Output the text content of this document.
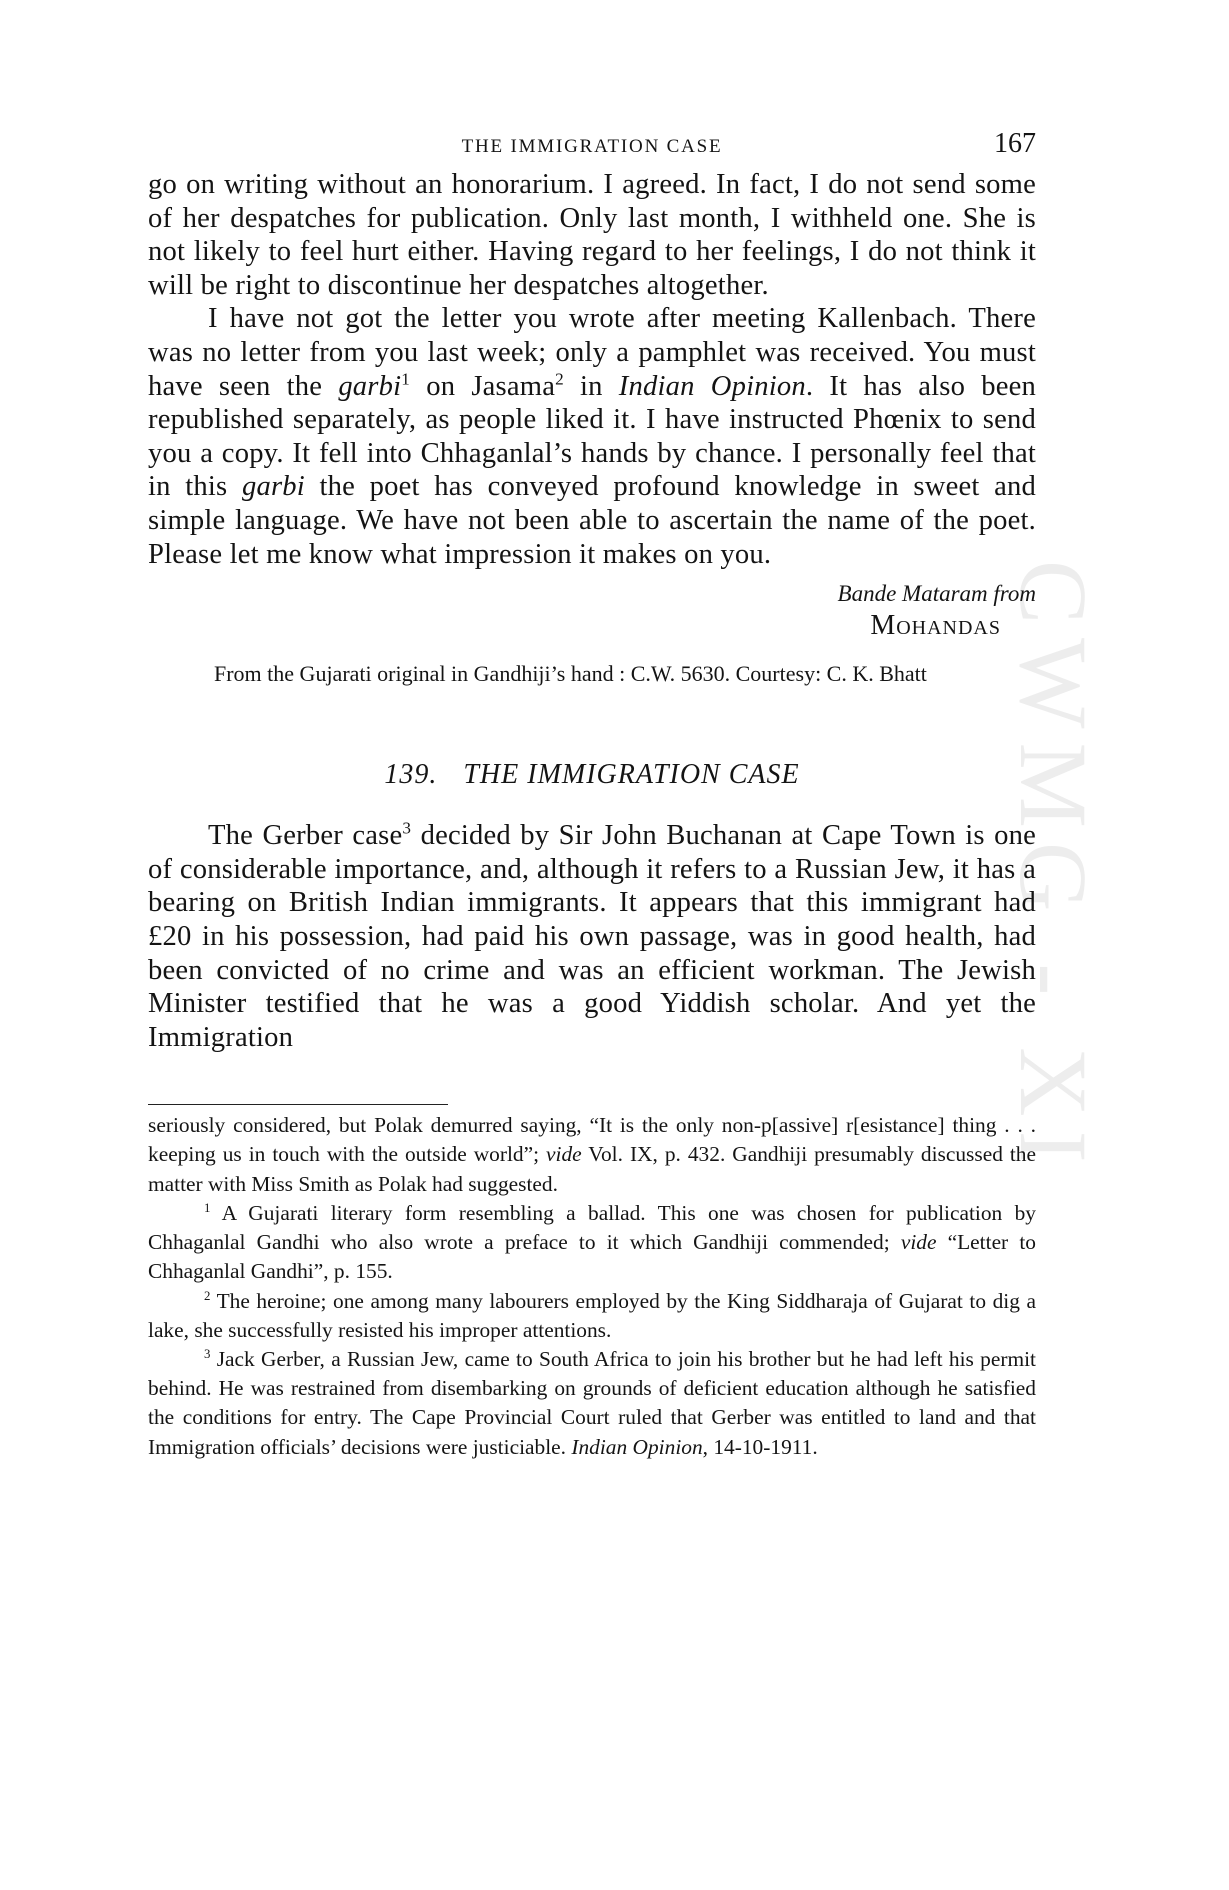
CWMG - XI
THE IMMIGRATION CASE	167

go on writing without an honorarium. I agreed. In fact, I do not send some of her despatches for publication. Only last month, I withheld one. She is not likely to feel hurt either. Having regard to her feelings, I do not think it will be right to discontinue her despatches altogether.

I have not got the letter you wrote after meeting Kallenbach. There was no letter from you last week; only a pamphlet was received. You must have seen the garbi$^1$ on Jasama$^2$ in Indian Opinion. It has also been republished separately, as people liked it. I have instructed Phœnix to send you a copy. It fell into Chhaganlal’s hands by chance. I personally feel that in this garbi the poet has conveyed profound knowledge in sweet and simple language. We have not been able to ascertain the name of the poet. Please let me know what impression it makes on you.

Bande Mataram from
Mohandas
From the Gujarati original in Gandhiji’s hand : C.W. 5630. Courtesy: C. K. Bhatt
139. THE IMMIGRATION CASE

The Gerber case$^3$ decided by Sir John Buchanan at Cape Town is one of considerable importance, and, although it refers to a Russian Jew, it has a bearing on British Indian immigrants. It appears that this immigrant had £20 in his possession, had paid his own passage, was in good health, had been convicted of no crime and was an efficient workman. The Jewish Minister testified that he was a good Yiddish scholar. And yet the Immigration

seriously considered, but Polak demurred saying, “It is the only non-p[assive] r[esistance] thing . . . keeping us in touch with the outside world”; vide Vol. IX, p. 432. Gandhiji presumably discussed the matter with Miss Smith as Polak had suggested.

$^1$ A Gujarati literary form resembling a ballad. This one was chosen for publication by Chhaganlal Gandhi who also wrote a preface to it which Gandhiji commended; vide “Letter to Chhaganlal Gandhi”, p. 155.

$^2$ The heroine; one among many labourers employed by the King Siddharaja of Gujarat to dig a lake, she successfully resisted his improper attentions.

$^3$ Jack Gerber, a Russian Jew, came to South Africa to join his brother but he had left his permit behind. He was restrained from disembarking on grounds of deficient education although he satisfied the conditions for entry. The Cape Provincial Court ruled that Gerber was entitled to land and that Immigration officials’ decisions were justiciable. Indian Opinion, 14-10-1911.
